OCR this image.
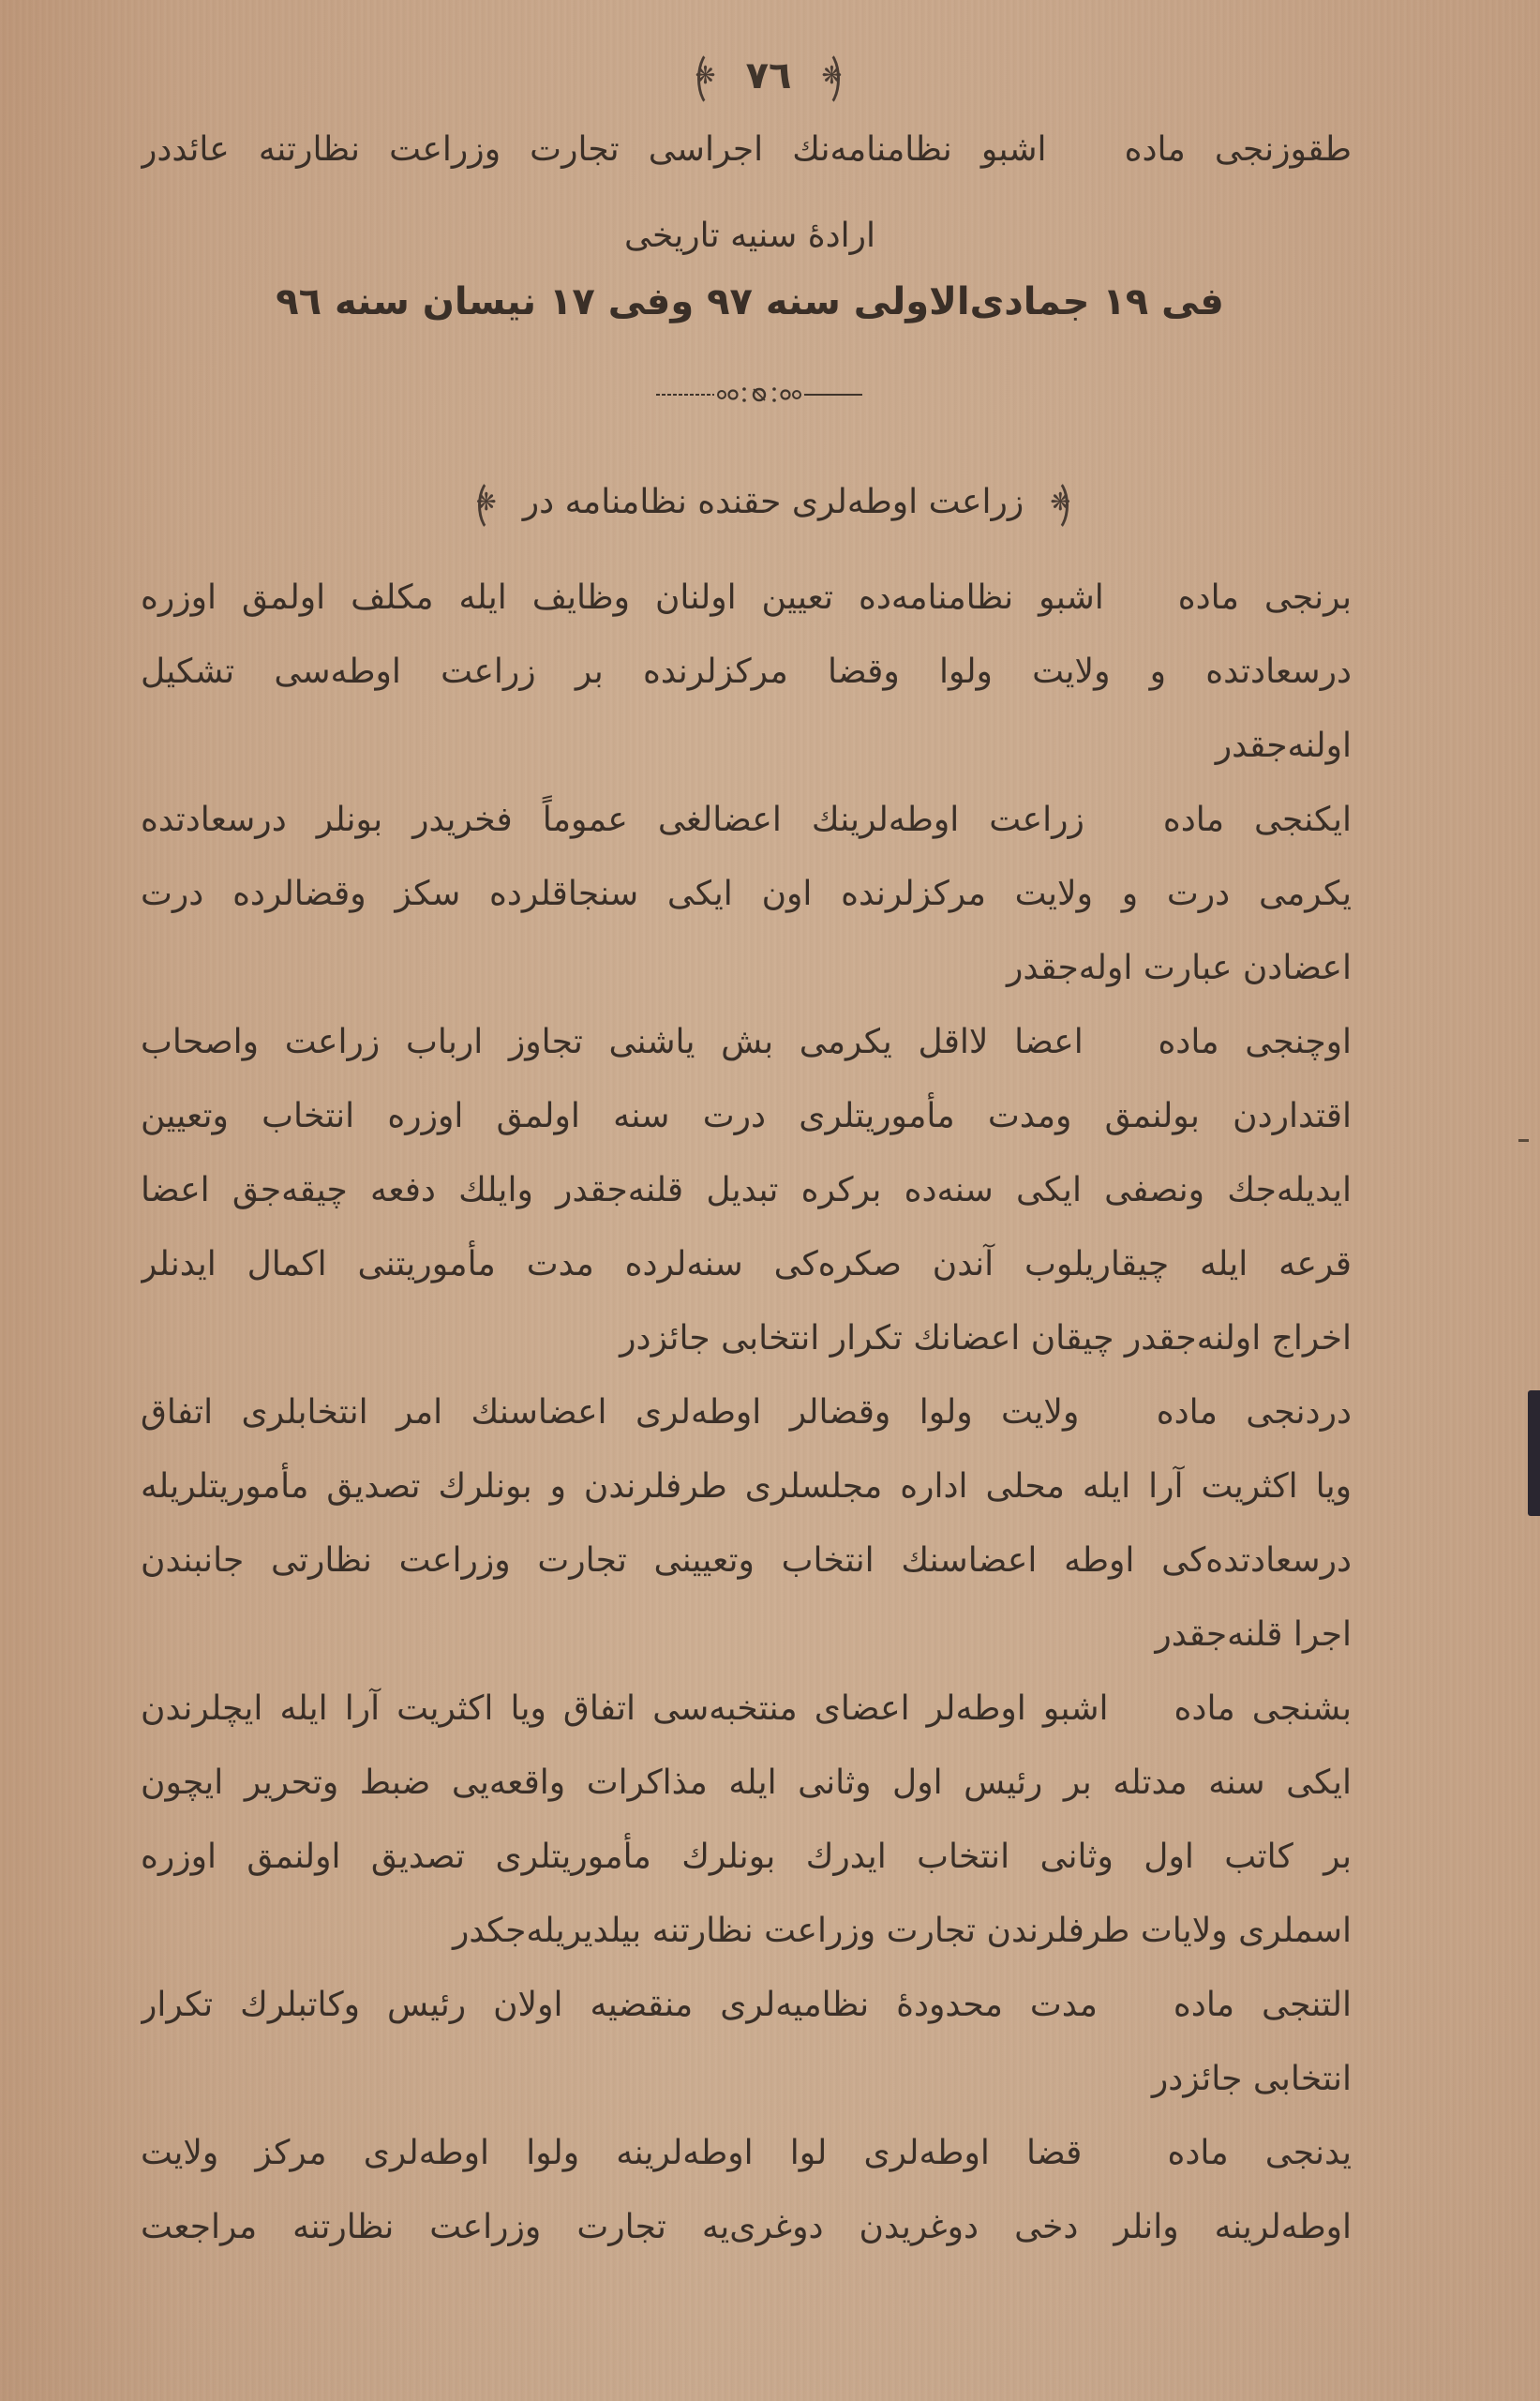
❋ ٧٦ ❋
طقوزنجی ماده اشبو نظامنامه‌نك اجراسی تجارت وزراعت نظارتنه عائددر
ارادهٔ سنیه تاریخی
فی ١٩ جمادی‌الاولی سنه ٩٧ وفی ١٧ نیسان سنه ٩٦
❋ زراعت اوطه‌لری حقنده نظامنامه در ❋
برنجی ماده اشبو نظامنامه‌ده تعیین اولنان وظایف ایله مکلف اولمق اوزره
درسعادتده و ولایت ولوا وقضا مرکزلرنده بر زراعت اوطه‌سی تشکیل
اولنه‌جقدر
ایکنجی ماده زراعت اوطه‌لرینك اعضالغی عموماً فخریدر بونلر درسعادتده
یکرمی درت و ولایت مرکزلرنده اون ایکی سنجاقلرده سکز وقضالرده درت
اعضادن عبارت اوله‌جقدر
اوچنجی ماده اعضا لااقل یکرمی بش یاشنی تجاوز ارباب زراعت واصحاب
اقتداردن بولنمق ومدت مأموریتلری درت سنه اولمق اوزره انتخاب وتعیین
ایدیله‌جك ونصفی ایکی سنه‌ده برکره تبدیل قلنه‌جقدر وایلك دفعه چیقه‌جق اعضا
قرعه ایله چیقاریلوب آندن صکره‌کی سنه‌لرده مدت مأموریتنی اکمال ایدنلر
اخراج اولنه‌جقدر چیقان اعضانك تکرار انتخابی جائزدر
دردنجی ماده ولایت ولوا وقضالر اوطه‌لری اعضاسنك امر انتخابلری اتفاق
ویا اکثریت آرا ایله محلی اداره مجلسلری طرفلرندن و بونلرك تصدیق مأموریتلریله
درسعادتده‌کی اوطه اعضاسنك انتخاب وتعیینی تجارت وزراعت نظارتی جانبندن
اجرا قلنه‌جقدر
بشنجی ماده اشبو اوطه‌لر اعضای منتخبه‌سی اتفاق ویا اکثریت آرا ایله ایچلرندن
ایکی سنه مدتله بر رئیس اول وثانی ایله مذاکرات واقعه‌یی ضبط وتحریر ایچون
بر کاتب اول وثانی انتخاب ایدرك بونلرك مأموریتلری تصدیق اولنمق اوزره
اسملری ولایات طرفلرندن تجارت وزراعت نظارتنه بیلدیریله‌جکدر
التنجی ماده مدت محدودهٔ نظامیه‌لری منقضیه اولان رئیس وکاتبلرك تکرار
انتخابی جائزدر
یدنجی ماده قضا اوطه‌لری لوا اوطه‌لرینه ولوا اوطه‌لری مرکز ولایت
اوطه‌لرینه وانلر دخی دوغریدن دوغری‌یه تجارت وزراعت نظارتنه مراجعت
